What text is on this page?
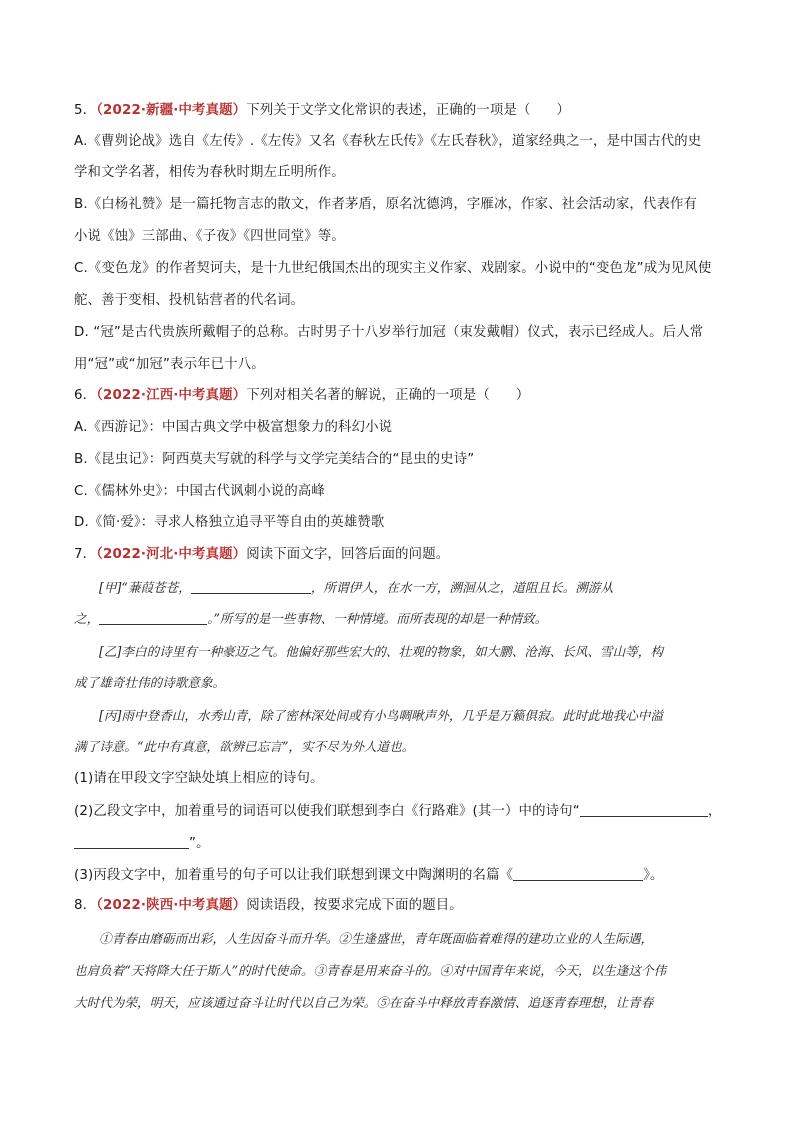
5．（2022·新疆·中考真题）下列关于文学文化常识的表述，正确的一项是（ ）
A.《曹刿论战》选自《左传》.《左传》又名《春秋左氏传》《左氏春秋》，道家经典之一，是中国古代的史
学和文学名著，相传为春秋时期左丘明所作。
B.《白杨礼赞》是一篇托物言志的散文，作者茅盾，原名沈德鸿，字雁冰，作家、社会活动家，代表作有
小说《蚀》三部曲、《子夜》《四世同堂》等。
C.《变色龙》的作者契诃夫，是十九世纪俄国杰出的现实主义作家、戏剧家。小说中的“变色龙”成为见风使
舵、善于变相、投机钻营者的代名词。
D. “冠”是古代贵族所戴帽子的总称。古时男子十八岁举行加冠（束发戴帽）仪式，表示已经成人。后人常
用“冠”或“加冠”表示年已十八。
6．（2022·江西·中考真题）下列对相关名著的解说，正确的一项是（ ）
A.《西游记》：中国古典文学中极富想象力的科幻小说
B.《昆虫记》：阿西莫夫写就的科学与文学完美结合的“昆虫的史诗”
C.《儒林外史》：中国古代讽刺小说的高峰
D.《简·爱》：寻求人格独立追寻平等自由的英雄赞歌
7．（2022·河北·中考真题）阅读下面文字，回答后面的问题。
[甲]“蒹葭苍苍，	，所谓伊人，在水一方，溯洄从之，道阻且长。溯游从
之，	。”所写的是一些事物、一种情境。而所表现的却是一种情致。
[乙]李白的诗里有一种豪迈之气。他偏好那些宏大的、壮观的物象，如大鹏、沧海、长风、雪山等，构
成了雄奇壮伟的诗歌意象。
[丙]雨中登香山，水秀山青，除了密林深处间或有小鸟啁啾声外，几乎是万籁俱寂。此时此地我心中溢
满了诗意。“此中有真意，欲辨已忘言”，实不尽为外人道也。
(1)请在甲段文字空缺处填上相应的诗句。
(2)乙段文字中，加着重号的词语可以使我们联想到李白《行路难》(其一）中的诗句“	，
”。
(3)丙段文字中，加着重号的句子可以让我们联想到课文中陶渊明的名篇《	》。
8．（2022·陕西·中考真题）阅读语段，按要求完成下面的题目。
①青春由磨砺而出彩，人生因奋斗而升华。②生逢盛世，青年既面临着难得的建功立业的人生际遇，
也肩负着“天将降大任于斯人”的时代使命。③青春是用来奋斗的。④对中国青年来说，今天，以生逢这个伟
大时代为荣，明天，应该通过奋斗让时代以自己为荣。⑤在奋斗中释放青春激情、追逐青春理想，让青春
